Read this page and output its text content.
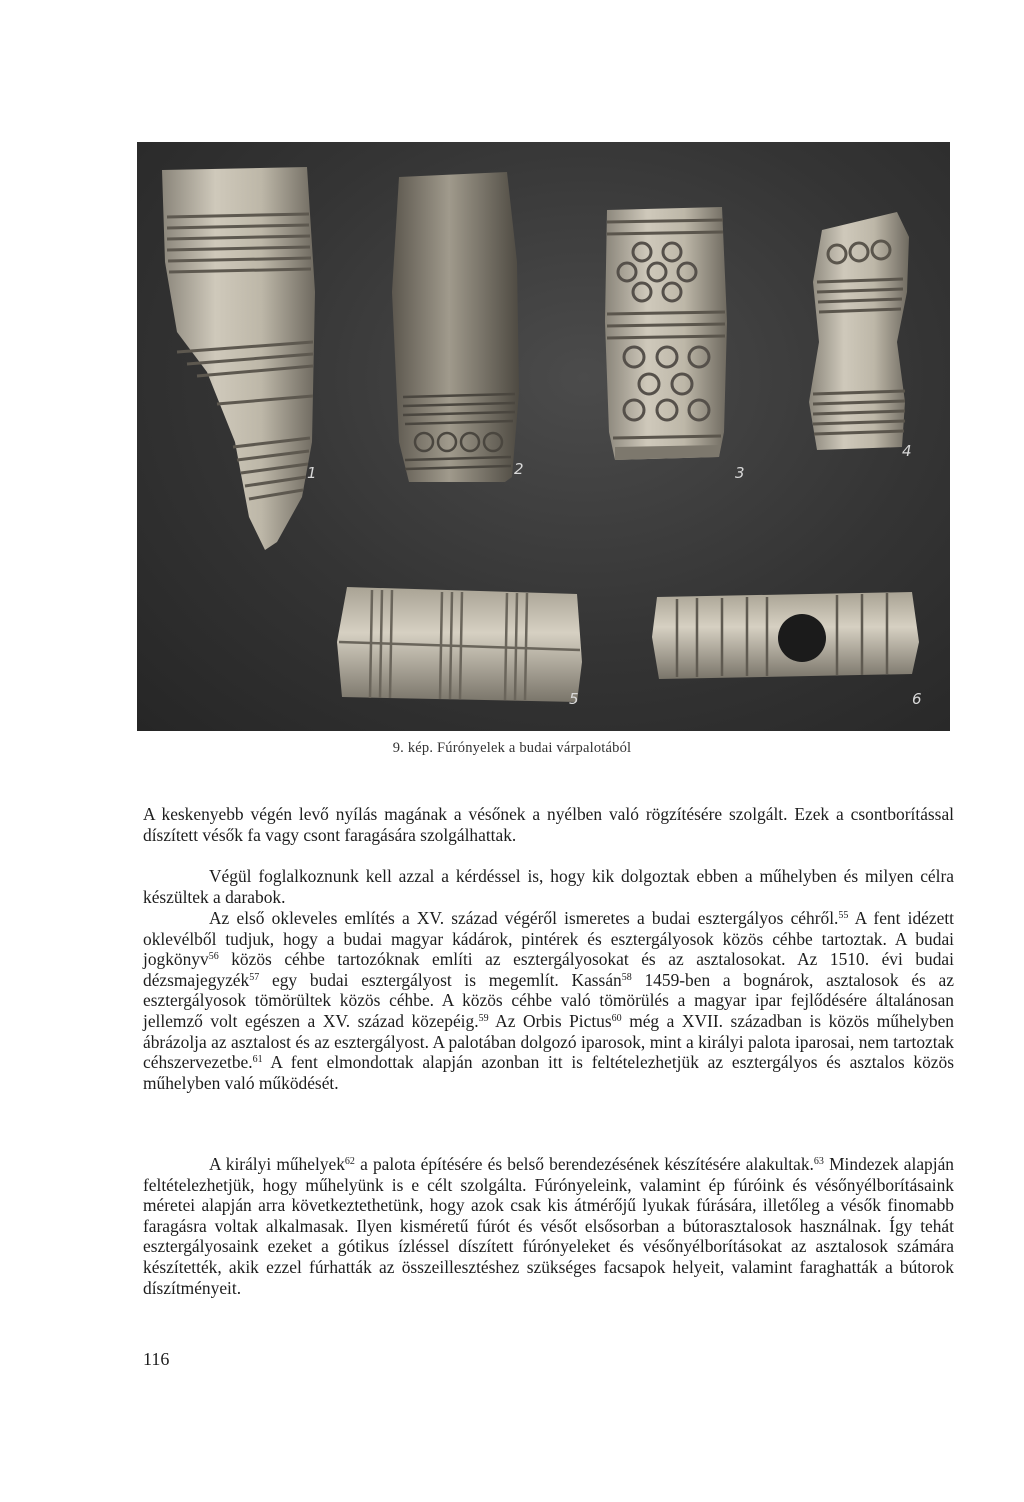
1	2	3
4
5	6
9. kép. Fúrónyelek a budai várpalotából

A keskenyebb végén levő nyílás magának a vésőnek a nyélben való rögzítésére szolgált. Ezek a csontborítással díszített vésők fa vagy csont faragására szolgálhattak.

Végül foglalkoznunk kell azzal a kérdéssel is, hogy kik dolgoztak ebben a műhelyben és milyen célra készültek a darabok.

Az első okleveles említés a XV. század végéről ismeretes a budai esztergályos céhről.$^{55}$ A fent idézett oklevélből tudjuk, hogy a budai magyar kádárok, pintérek és esztergályosok közös céhbe tartoztak. A budai jogkönyv$^{56}$ közös céhbe tartozóknak említi az esztergályosokat és az asztalosokat. Az 1510. évi budai dézsmajegyzék$^{57}$ egy budai esztergályost is megemlít. Kassán$^{58}$ 1459-ben a bognárok, asztalosok és az esztergályosok tömörültek közös céhbe. A közös céhbe való tömörülés a magyar ipar fejlődésére általánosan jellemző volt egészen a XV. század közepéig.$^{59}$ Az Orbis Pictus$^{60}$ még a XVII. században is közös műhelyben ábrázolja az asztalost és az esztergályost. A palotában dolgozó iparosok, mint a királyi palota iparosai, nem tartoztak céhszervezetbe.$^{61}$ A fent elmondottak alapján azonban itt is feltételezhetjük az esztergályos és asztalos közös műhelyben való működését.

A királyi műhelyek$^{62}$ a palota építésére és belső berendezésének készítésére alakultak.$^{63}$ Mindezek alapján feltételezhetjük, hogy műhelyünk is e célt szolgálta. Fúrónyeleink, valamint ép fúróink és vésőnyélborításaink méretei alapján arra következtethetünk, hogy azok csak kis átmérőjű lyukak fúrására, illetőleg a vésők finomabb faragásra voltak alkalmasak. Ilyen kisméretű fúrót és vésőt elsősorban a bútorasztalosok használnak. Így tehát esztergályosaink ezeket a gótikus ízléssel díszített fúrónyeleket és vésőnyélborításokat az asztalosok számára készítették, akik ezzel fúrhatták az összeillesztéshez szükséges facsapok helyeit, valamint faraghatták a bútorok díszítményeit.

116
